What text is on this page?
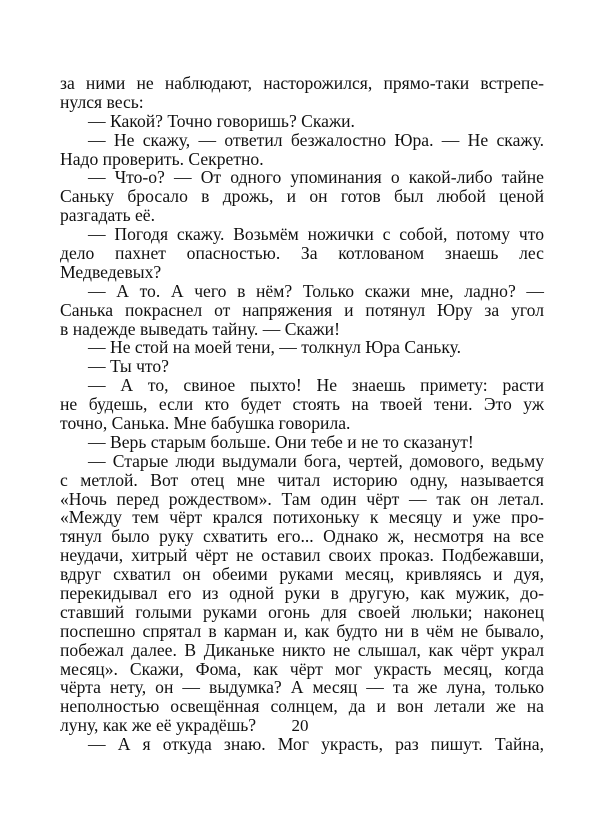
за ними не наблюдают, насторожился, прямо-таки встрепе-
нулся весь:
— Какой? Точно говоришь? Скажи.
— Не скажу, — ответил безжалостно Юра. — Не скажу.
Надо проверить. Секретно.
— Что-о? — От одного упоминания о какой-либо тайне
Саньку бросало в дрожь, и он готов был любой ценой
разгадать её.
— Погодя скажу. Возьмём ножички с собой, потому что
дело пахнет опасностью. За котлованом знаешь лес
Медведевых?
— А то. А чего в нём? Только скажи мне, ладно? —
Санька покраснел от напряжения и потянул Юру за угол
в надежде выведать тайну. — Скажи!
— Не стой на моей тени, — толкнул Юра Саньку.
— Ты что?
— А то, свиное пыхто! Не знаешь примету: расти
не будешь, если кто будет стоять на твоей тени. Это уж
точно, Санька. Мне бабушка говорила.
— Верь старым больше. Они тебе и не то сказанут!
— Старые люди выдумали бога, чертей, домового, ведьму
с метлой. Вот отец мне читал историю одну, называется
«Ночь перед рождеством». Там один чёрт — так он летал.
«Между тем чёрт крался потихоньку к месяцу и уже про-
тянул было руку схватить его... Однако ж, несмотря на все
неудачи, хитрый чёрт не оставил своих проказ. Подбежавши,
вдруг схватил он обеими руками месяц, кривляясь и дуя,
перекидывал его из одной руки в другую, как мужик, до-
ставший голыми руками огонь для своей люльки; наконец
поспешно спрятал в карман и, как будто ни в чём не бывало,
побежал далее. В Диканьке никто не слышал, как чёрт украл
месяц». Скажи, Фома, как чёрт мог украсть месяц, когда
чёрта нету, он — выдумка? А месяц — та же луна, только
неполностью освещённая солнцем, да и вон летали же на
луну, как же её украдёшь?
— А я откуда знаю. Мог украсть, раз пишут. Тайна,
20
